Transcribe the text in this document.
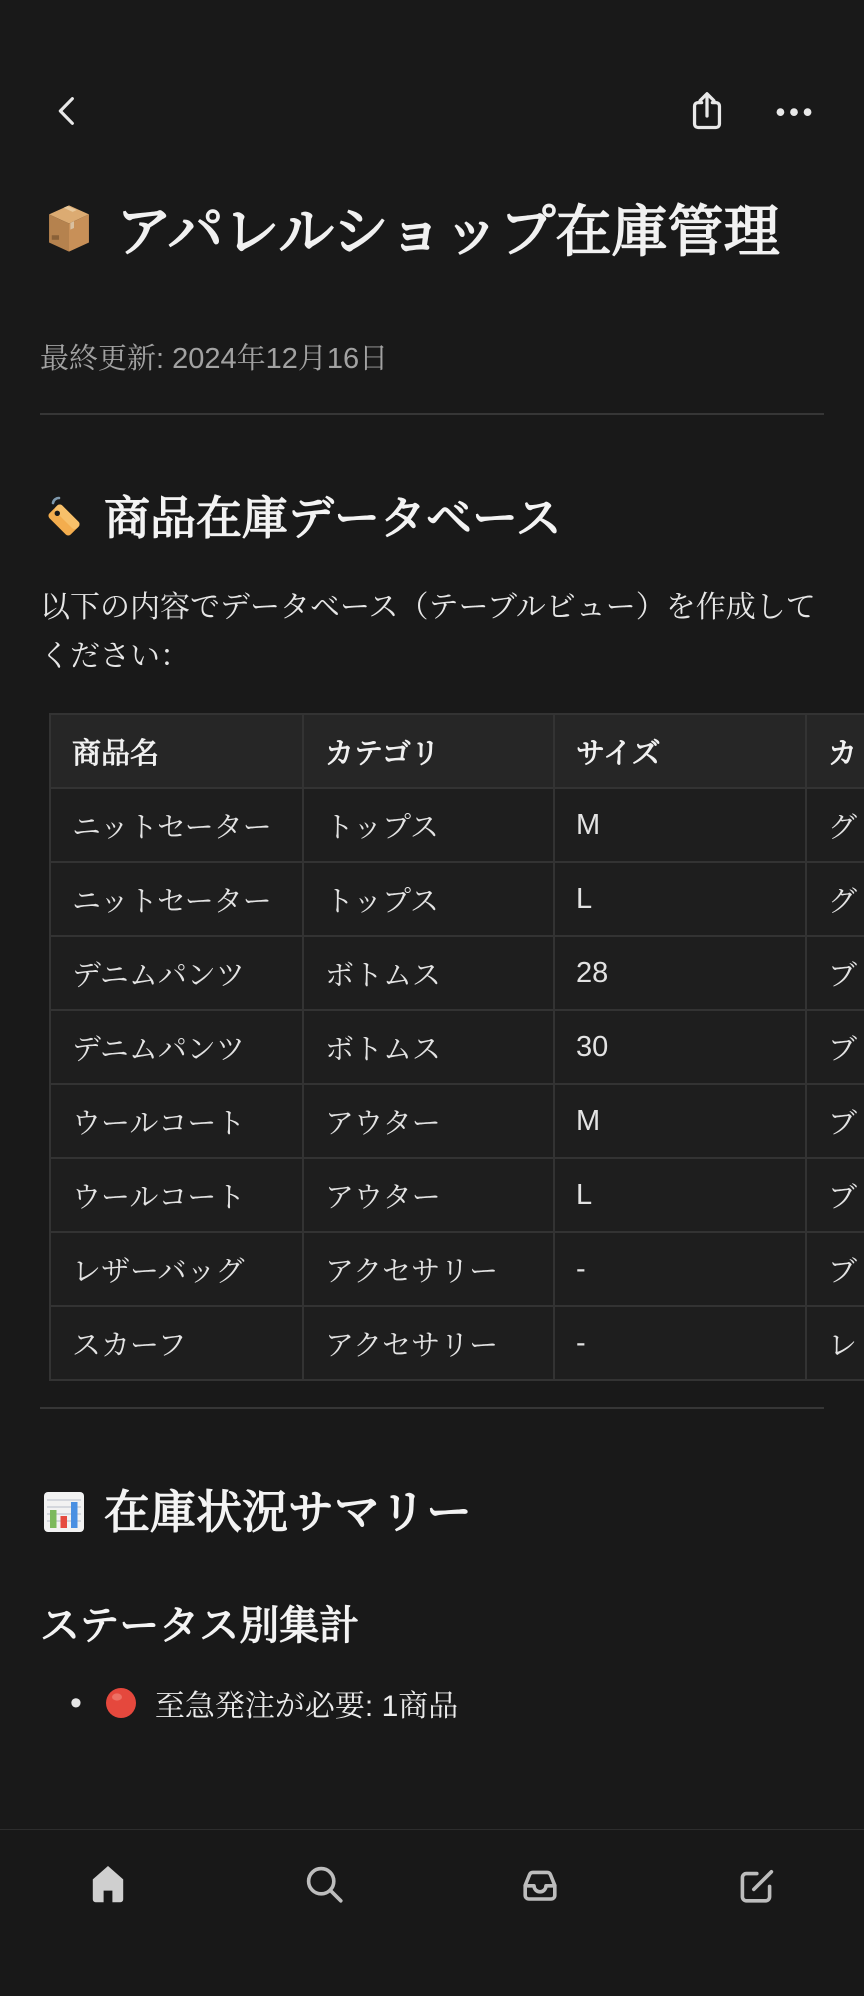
アパレルショップ在庫管理
最終更新: 2024年12月16日
商品在庫データベース
以下の内容でデータベース（テーブルビュー）を作成してください：
商品名	カテゴリ	サイズ	カ
ニットセーター	トップス	M	グ
ニットセーター	トップス	L	グ
デニムパンツ	ボトムス	28	ブ
デニムパンツ	ボトムス	30	ブ
ウールコート	アウター	M	ブ
ウールコート	アウター	L	ブ
レザーバッグ	アクセサリー	-	ブ
スカーフ	アクセサリー	-	レ
在庫状況サマリー
ステータス別集計
• 至急発注が必要: 1商品
